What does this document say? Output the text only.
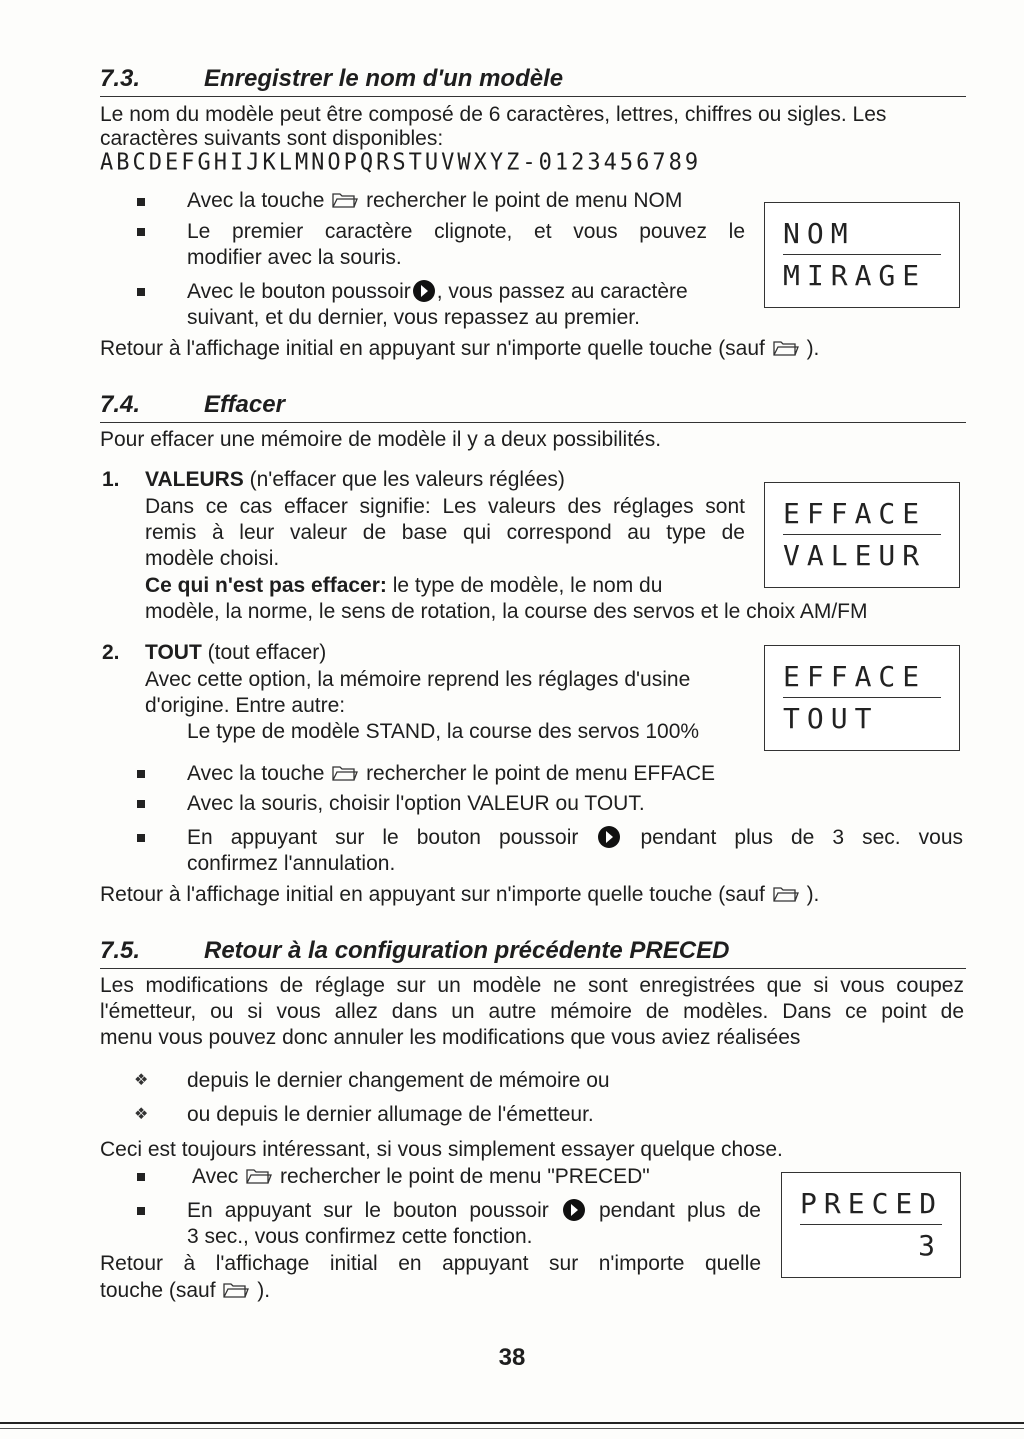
7.3.	Enregistrer le nom d'un modèle
Le nom du modèle peut être composé de 6 caractères, lettres, chiffres ou sigles. Les
caractères suivants sont disponibles:
ABCDEFGHIJKLMNOPQRSTUVWXYZ-0123456789
Avec la touche rechercher le point de menu NOM
Le premier caractère clignote, et vous pouvez le
modifier avec la souris.
Avec le bouton poussoir , vous passez au caractère
suivant, et du dernier, vous repassez au premier.
Retour à l'affichage initial en appuyant sur n'importe quelle touche (sauf ).
NOM
MIRAGE
7.4.	Effacer
Pour effacer une mémoire de modèle il y a deux possibilités.
1. VALEURS (n'effacer que les valeurs réglées)
Dans ce cas effacer signifie: Les valeurs des réglages sont
remis à leur valeur de base qui correspond au type de
modèle choisi.
Ce qui n'est pas effacer: le type de modèle, le nom du
modèle, la norme, le sens de rotation, la course des servos et le choix AM/FM
EFFACE
VALEUR
2. TOUT (tout effacer)
Avec cette option, la mémoire reprend les réglages d'usine
d'origine. Entre autre:
Le type de modèle STAND, la course des servos 100%
EFFACE
TOUT
Avec la touche rechercher le point de menu EFFACE
Avec la souris, choisir l'option VALEUR ou TOUT.
En appuyant sur le bouton poussoir	pendant plus de 3 sec. vous
confirmez l'annulation.
Retour à l'affichage initial en appuyant sur n'importe quelle touche (sauf ).
7.5.	Retour à la configuration précédente PRECED
Les modifications de réglage sur un modèle ne sont enregistrées que si vous coupez
l'émetteur, ou si vous allez dans un autre mémoire de modèles. Dans ce point de
menu vous pouvez donc annuler les modifications que vous aviez réalisées
❖ depuis le dernier changement de mémoire ou
❖ ou depuis le dernier allumage de l'émetteur.
Ceci est toujours intéressant, si vous simplement essayer quelque chose.
Avec rechercher le point de menu "PRECED"
En appuyant sur le bouton poussoir pendant plus de
3 sec., vous confirmez cette fonction.
Retour à l'affichage initial en appuyant sur n'importe quelle
touche (sauf ).
PRECED
3
38
